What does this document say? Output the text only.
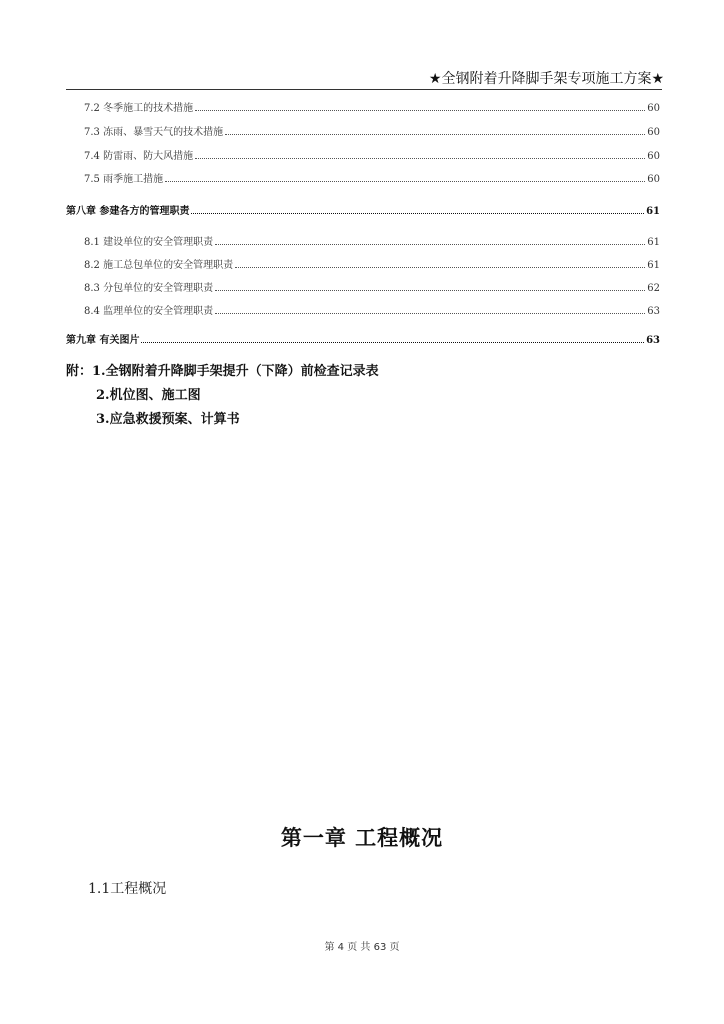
★全钢附着升降脚手架专项施工方案★
7.2 冬季施工的技术措施	60
7.3 冻雨、暴雪天气的技术措施	60
7.4 防雷雨、防大风措施	60
7.5 雨季施工措施	60
第八章 参建各方的管理职责	61
8.1 建设单位的安全管理职责	61
8.2 施工总包单位的安全管理职责	61
8.3 分包单位的安全管理职责	62
8.4 监理单位的安全管理职责	63
第九章 有关图片	63
附：1.全钢附着升降脚手架提升（下降）前检查记录表
2.机位图、施工图
3.应急救援预案、计算书
第一章 工程概况
1.1工程概况
第 4 页 共 63 页
